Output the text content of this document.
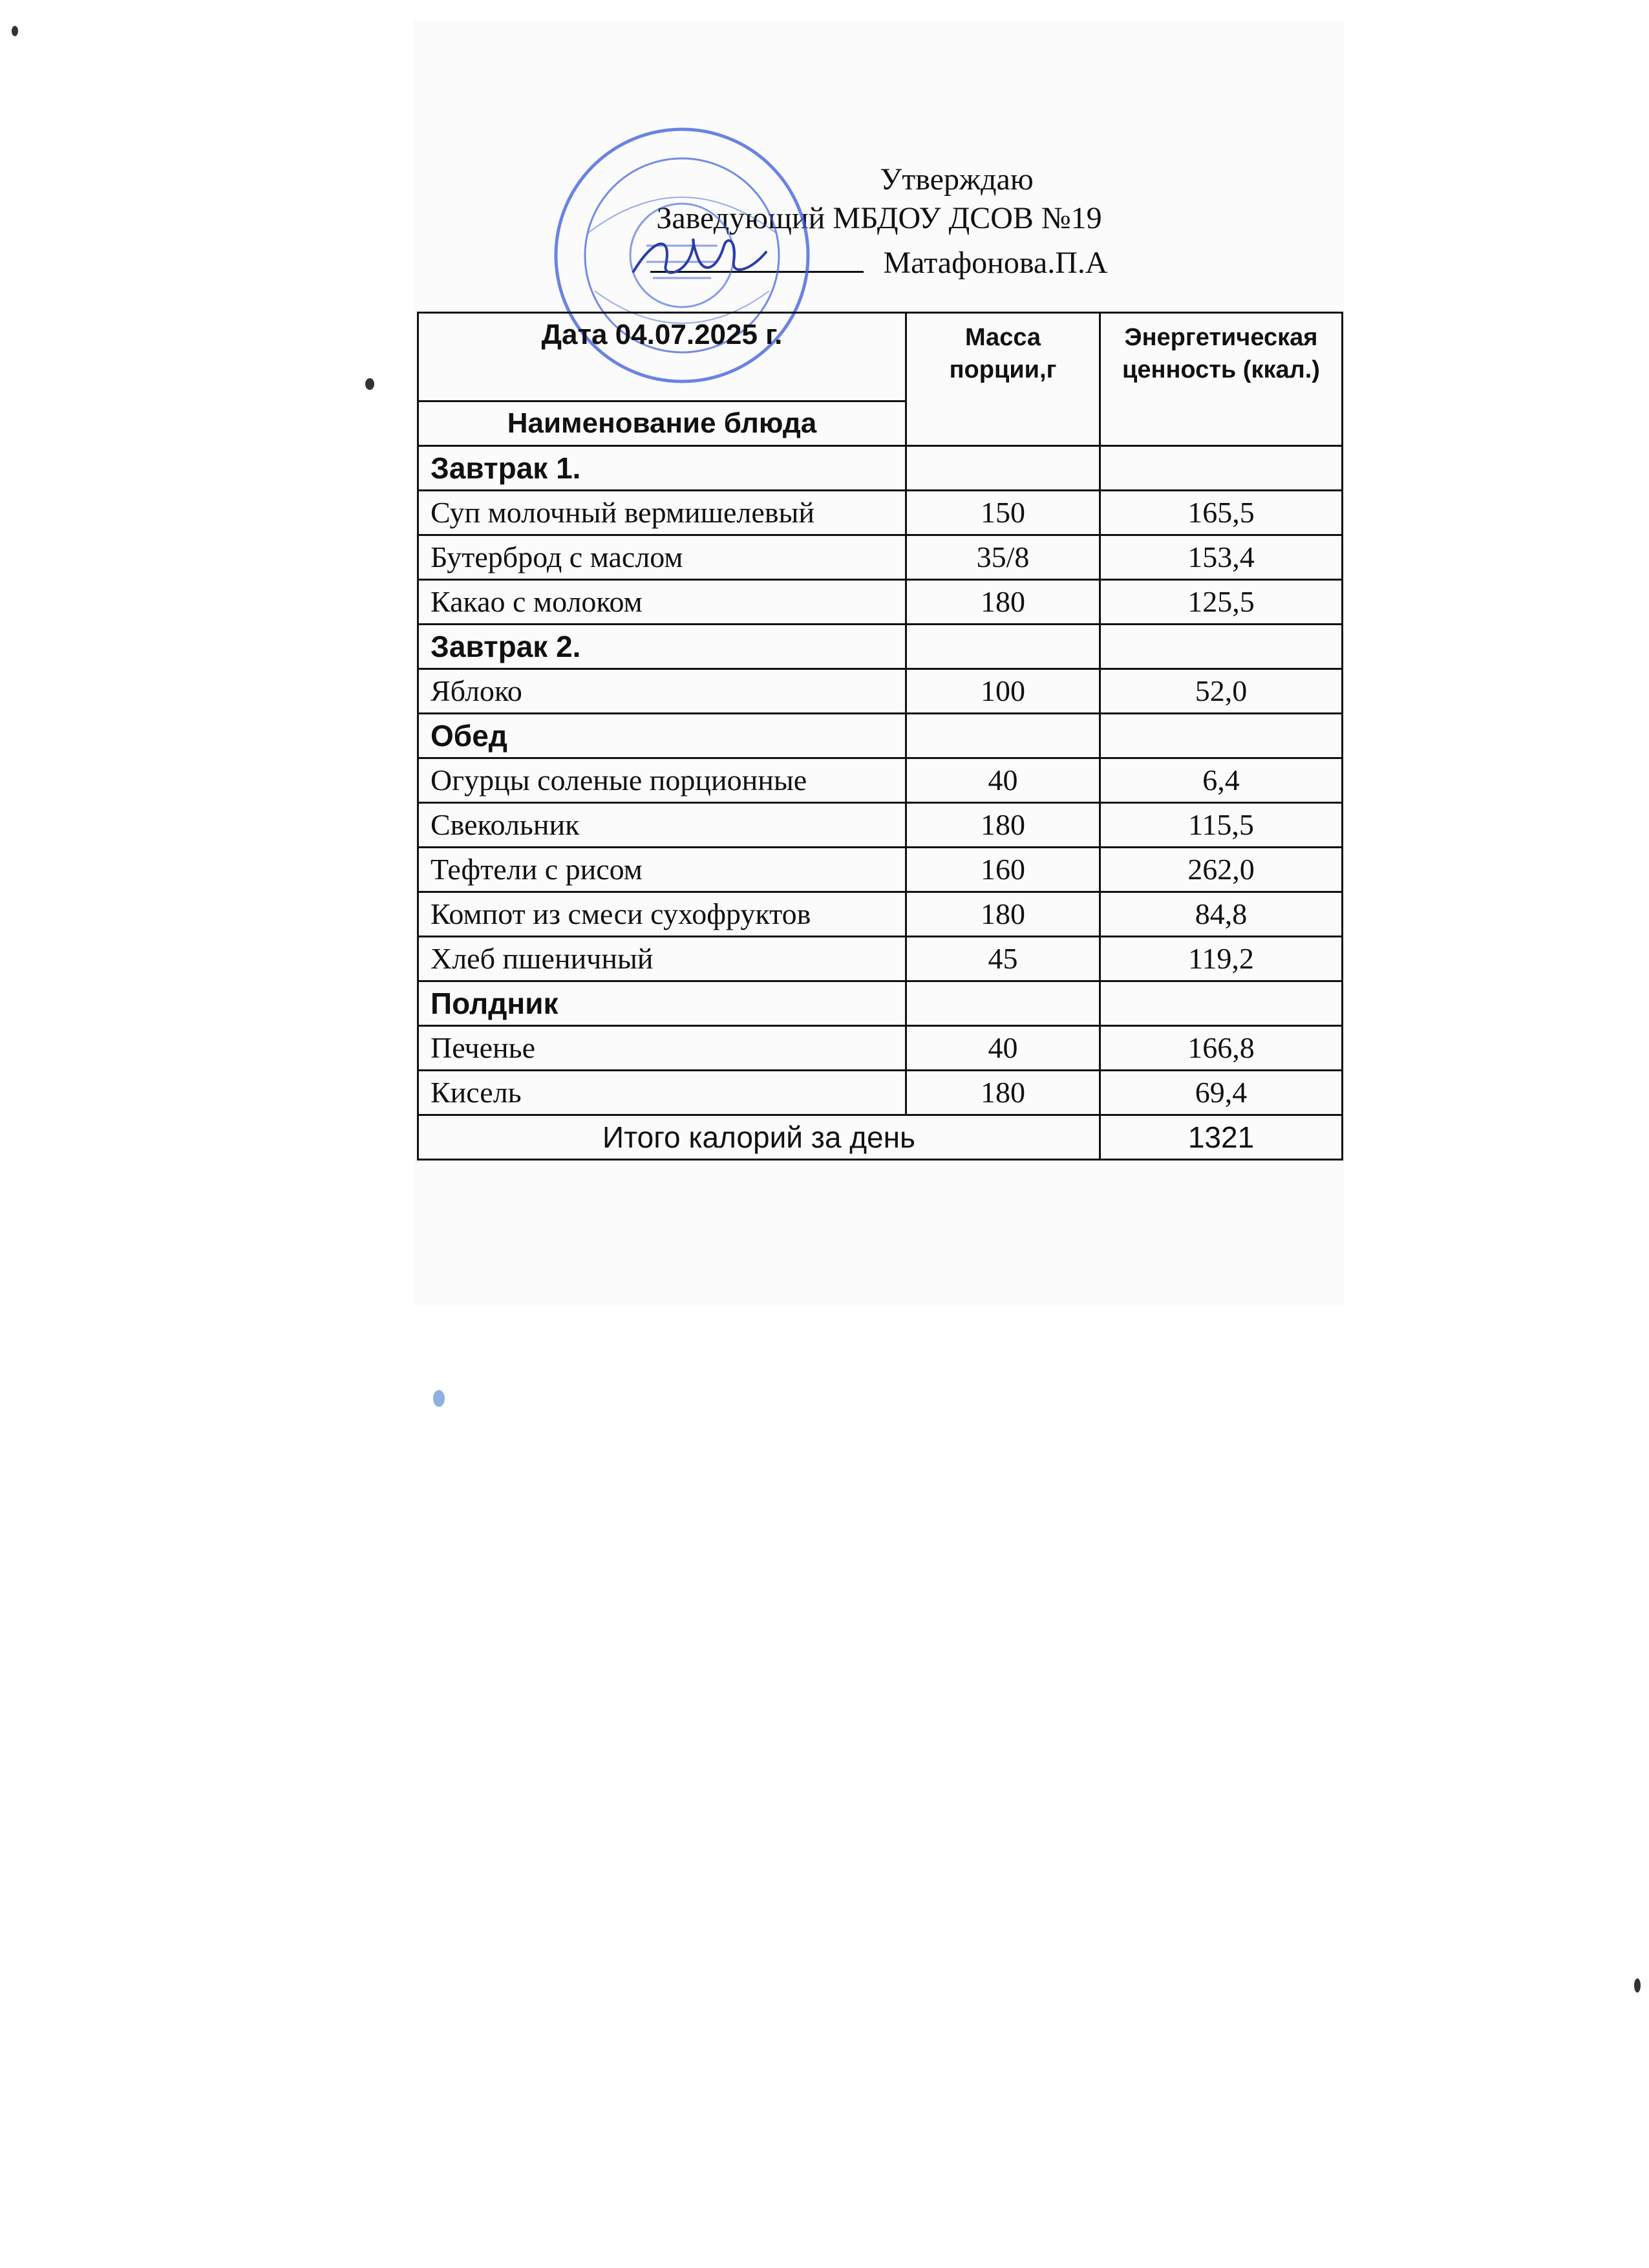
Утверждаю
Заведующий МБДОУ ДСОВ №19
Матафонова.П.А
Дата 04.07.2025 г.	Масса порции,г	Энергетическая ценность (ккал.)
Наименование блюда		
Завтрак 1.		
Суп молочный вермишелевый	150	165,5
Бутерброд с маслом	35/8	153,4
Какао с молоком	180	125,5
Завтрак 2.		
Яблоко	100	52,0
Обед		
Огурцы соленые порционные	40	6,4
Свекольник	180	115,5
Тефтели с рисом	160	262,0
Компот из смеси сухофруктов	180	84,8
Хлеб пшеничный	45	119,2
Полдник		
Печенье	40	166,8
Кисель	180	69,4
Итого калорий за день		1321
